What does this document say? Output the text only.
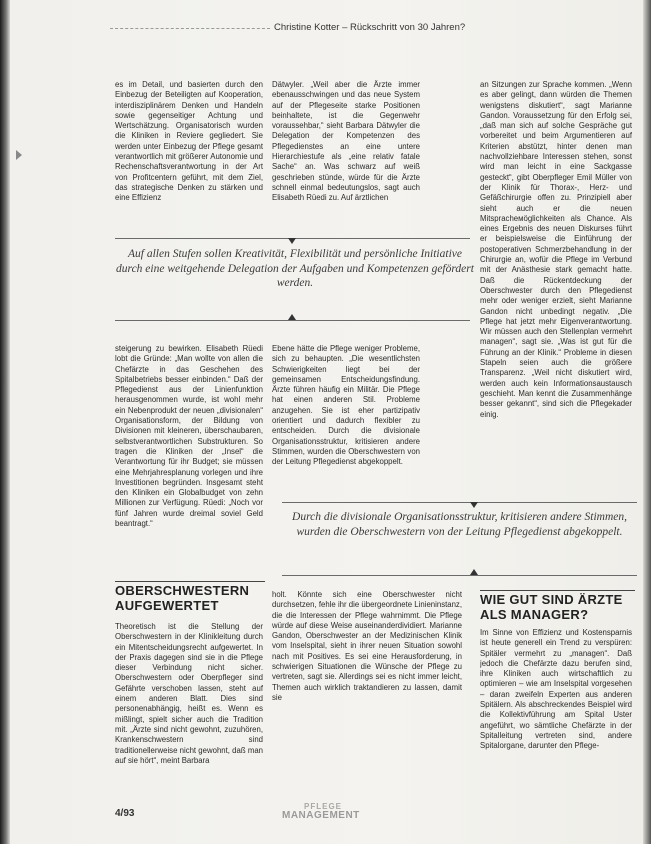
Christine Kotter – Rückschritt von 30 Jahren?
es im Detail, und basierten durch den Einbezug der Beteiligten auf Kooperation, interdisziplinärem Denken und Handeln sowie gegenseitiger Achtung und Wertschätzung. Organisatorisch wurden die Kliniken in Reviere gegliedert. Sie werden unter Einbezug der Pflege gesamt verantwortlich mit größerer Autonomie und Rechenschaftsverantwortung in der Art von Profitcentern geführt, mit dem Ziel, das strategische Denken zu stärken und eine Effizienz
Dätwyler. „Weil aber die Ärzte immer ebenausschwingen und das neue System auf der Pflegeseite starke Positionen beinhaltete, ist die Gegenwehr voraussehbar,“ sieht Barbara Dätwyler die Delegation der Kompetenzen des Pflegedienstes an eine untere Hierarchiestufe als „eine relativ fatale Sache“ an. Was schwarz auf weiß geschrieben stünde, würde für die Ärzte schnell einmal bedeutungslos, sagt auch Elisabeth Rüedi zu. Auf ärztlichen
an Sitzungen zur Sprache kommen. „Wenn es aber gelingt, dann würden die Themen wenigstens diskutiert“, sagt Marianne Gandon. Voraussetzung für den Erfolg sei, „daß man sich auf solche Gespräche gut vorbereitet und beim Argumentieren auf Kriterien abstützt, hinter denen man nachvollziehbare Interessen stehen, sonst wird man leicht in eine Sackgasse gesteckt“, gibt Oberpfleger Emil Müller von der Klinik für Thorax-, Herz- und Gefäßchirurgie offen zu. Prinzipiell aber sieht auch er die neuen Mitspracheмöglichkeiten als Chance. Als eines Ergebnis des neuen Diskurses führt er beispielsweise die Einführung der postoperativen Schmerzbehandlung in der Chirurgie an, wofür die Pflege im Verbund mit der Anästhesie stark gemacht hatte. Daß die Rückentdeckung der Oberschwester durch den Pflegedienst mehr oder weniger erzielt, sieht Marianne Gandon nicht unbedingt negativ. „Die Pflege hat jetzt mehr Eigenverantwortung. Wir müssen auch den Stellenplan vermehrt managen“, sagt sie. „Was ist gut für die Führung an der Klinik.“ Probleme in diesen Stapeln seien auch die größere Transparenz. „Weil nicht diskutiert wird, werden auch kein Informationsaustausch geschieht. Man kennt die Zusammenhänge besser gekannt“, sind sich die Pflegekader einig.
Auf allen Stufen sollen Kreativität, Flexibilität und persönliche Initiative durch eine weitgehende Delegation der Aufgaben und Kompetenzen gefördert werden.
steigerung zu bewirken. Elisabeth Rüedi lobt die Gründe: „Man wollte von allen die Chefärzte in das Geschehen des Spitalbetriebs besser einbinden.“ Daß der Pflegedienst aus der Linienfunktion herausgenommen wurde, ist wohl mehr ein Nebenprodukt der neuen „divisionalen“ Organisationsform, der Bildung von Divisionen mit kleineren, überschaubaren, selbstverantwortlichen Substrukturen. So tragen die Kliniken der „Insel“ die Verantwortung für ihr Budget; sie müssen eine Mehrjahresplanung vorlegen und ihre Investitionen begründen. Insgesamt steht den Kliniken ein Globalbudget von zehn Millionen zur Verfügung. Rüedi: „Noch vor fünf Jahren wurde dreimal soviel Geld beantragt.“
Ebene hätte die Pflege weniger Probleme, sich zu behaupten. „Die wesentlichsten Schwierigkeiten liegt bei der gemeinsamen Entscheidungsfindung. Ärzte führen häufig ein Militär. Die Pflege hat einen anderen Stil. Probleme anzugehen. Sie ist eher partizipativ orientiert und dadurch flexibler zu entscheiden. Durch die divisionale Organisationsstruktur, kritisieren andere Stimmen, wurden die Oberschwestern von der Leitung Pflegedienst abgekoppelt.
Durch die divisionale Organisationsstruktur, kritisieren andere Stimmen, wurden die Oberschwestern von der Leitung Pflegedienst abgekoppelt.
OBERSCHWESTERN AUFGEWERTET
Theoretisch ist die Stellung der Oberschwestern in der Klinikleitung durch ein Mitentscheidungsrecht aufgewertet. In der Praxis dagegen sind sie in die Pflege dieser Verbindung nicht sicher. Oberschwestern oder Oberpfleger sind Gefährte verschoben lassen, steht auf einem anderen Blatt. Dies sind personenabhängig, heißt es. Wenn es mißlingt, spielt sicher auch die Tradition mit. „Ärzte sind nicht gewohnt, zuzuhören, Krankenschwestern sind traditionellerweise nicht gewohnt, daß man auf sie hört“, meint Barbara
holt. Könnte sich eine Oberschwester nicht durchsetzen, fehle ihr die übergeordnete Linieninstanz, die die Interessen der Pflege wahrnimmt. Die Pflege würde auf diese Weise auseinanderdividiert. Marianne Gandon, Oberschwester an der Medizinischen Klinik vom Inselspital, sieht in ihrer neuen Situation sowohl nach mit Positives. Es sei eine Herausforderung, in schwierigen Situationen die Wünsche der Pflege zu vertreten, sagt sie. Allerdings sei es nicht immer leicht, Themen auch wirklich traktandieren zu lassen, damit sie
WIE GUT SIND ÄRZTE ALS MANAGER?
Im Sinne von Effizienz und Kostensparnis ist heute generell ein Trend zu verspüren: Spitäler vermehrt zu „managen“. Daß jedoch die Chefärzte dazu berufen sind, ihre Kliniken auch wirtschaftlich zu optimieren – wie am Inselspital vorgesehen – daran zweifeln Experten aus anderen Spitälern. Als abschreckendes Beispiel wird die Kollektivführung am Spital Uster angeführt, wo sämtliche Chefärzte in der Spitalleitung vertreten sind, andere Spitalorgane, darunter den Pflege-
4/93
PFLEGE
MANAGEMENT
